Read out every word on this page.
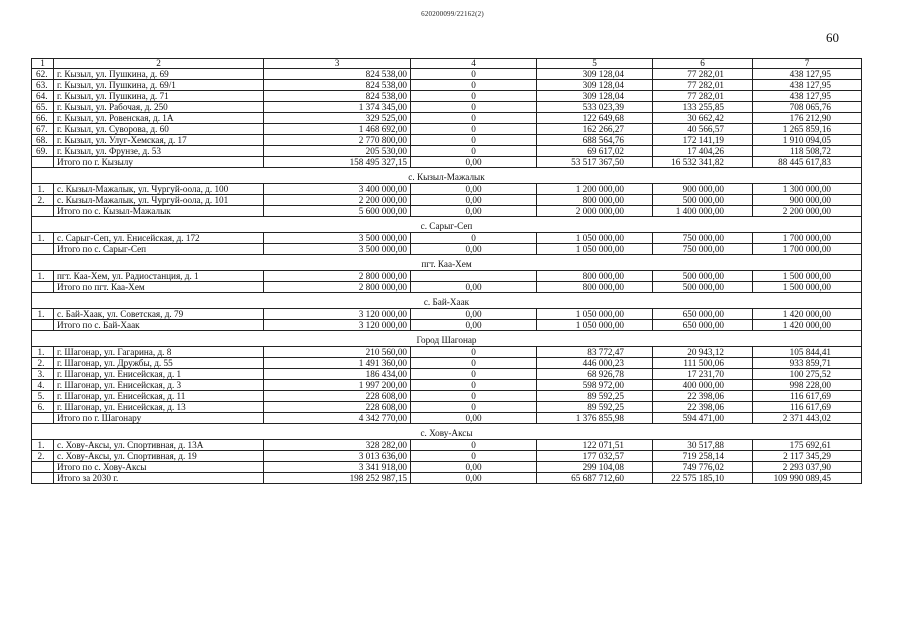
620200099/22162(2)
60
1	2	3	4	5	6	7
62.	г. Кызыл, ул. Пушкина, д. 69	824 538,00	0	309 128,04	77 282,01	438 127,95
63.	г. Кызыл, ул. Пушкина, д. 69/1	824 538,00	0	309 128,04	77 282,01	438 127,95
64.	г. Кызыл, ул. Пушкина, д. 71	824 538,00	0	309 128,04	77 282,01	438 127,95
65.	г. Кызыл, ул. Рабочая, д. 250	1 374 345,00	0	533 023,39	133 255,85	708 065,76
66.	г. Кызыл, ул. Ровенская, д. 1А	329 525,00	0	122 649,68	30 662,42	176 212,90
67.	г. Кызыл, ул. Суворова, д. 60	1 468 692,00	0	162 266,27	40 566,57	1 265 859,16
68.	г. Кызыл, ул. Улуг-Хемская, д. 17	2 770 800,00	0	688 564,76	172 141,19	1 910 094,05
69.	г. Кызыл, ул. Фрунзе, д. 53	205 530,00	0	69 617,02	17 404,26	118 508,72
	Итого по г. Кызылу	158 495 327,15	0,00	53 517 367,50	16 532 341,82	88 445 617,83
с. Кызыл-Мажалык						
1.	с. Кызыл-Мажалык, ул. Чургуй-оола, д. 100	3 400 000,00	0,00	1 200 000,00	900 000,00	1 300 000,00
2.	с. Кызыл-Мажалык, ул. Чургуй-оола, д. 101	2 200 000,00	0,00	800 000,00	500 000,00	900 000,00
	Итого по с. Кызыл-Мажалык	5 600 000,00	0,00	2 000 000,00	1 400 000,00	2 200 000,00
с. Сарыг-Сеп						
1.	с. Сарыг-Сеп, ул. Енисейская, д. 172	3 500 000,00	0	1 050 000,00	750 000,00	1 700 000,00
	Итого по с. Сарыг-Сеп	3 500 000,00	0,00	1 050 000,00	750 000,00	1 700 000,00
пгт. Каа-Хем						
1.	пгт. Каа-Хем, ул. Радиостанция, д. 1	2 800 000,00		800 000,00	500 000,00	1 500 000,00
	Итого по пгт. Каа-Хем	2 800 000,00	0,00	800 000,00	500 000,00	1 500 000,00
с. Бай-Хаак						
1.	с. Бай-Хаак, ул. Советская, д. 79	3 120 000,00	0,00	1 050 000,00	650 000,00	1 420 000,00
	Итого по с. Бай-Хаак	3 120 000,00	0,00	1 050 000,00	650 000,00	1 420 000,00
Город Шагонар						
1.	г. Шагонар, ул. Гагарина, д. 8	210 560,00	0	83 772,47	20 943,12	105 844,41
2.	г. Шагонар, ул. Дружбы, д. 55	1 491 360,00	0	446 000,23	111 500,06	933 859,71
3.	г. Шагонар, ул. Енисейская, д. 1	186 434,00	0	68 926,78	17 231,70	100 275,52
4.	г. Шагонар, ул. Енисейская, д. 3	1 997 200,00	0	598 972,00	400 000,00	998 228,00
5.	г. Шагонар, ул. Енисейская, д. 11	228 608,00	0	89 592,25	22 398,06	116 617,69
6.	г. Шагонар, ул. Енисейская, д. 13	228 608,00	0	89 592,25	22 398,06	116 617,69
	Итого по г. Шагонару	4 342 770,00	0,00	1 376 855,98	594 471,00	2 371 443,02
с. Хову-Аксы						
1.	с. Хову-Аксы, ул. Спортивная, д. 13А	328 282,00	0	122 071,51	30 517,88	175 692,61
2.	с. Хову-Аксы, ул. Спортивная, д. 19	3 013 636,00	0	177 032,57	719 258,14	2 117 345,29
	Итого по с. Хову-Аксы	3 341 918,00	0,00	299 104,08	749 776,02	2 293 037,90
	Итого за 2030 г.	198 252 987,15	0,00	65 687 712,60	22 575 185,10	109 990 089,45
